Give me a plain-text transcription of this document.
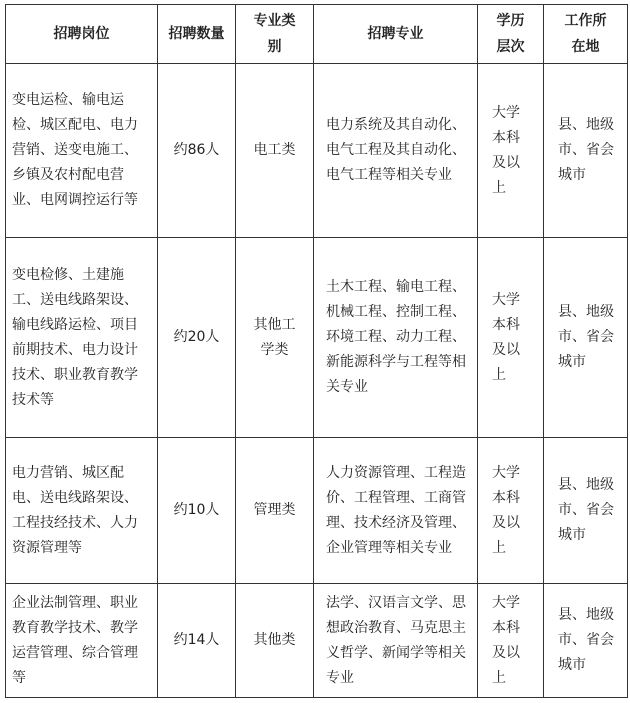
招聘岗位	招聘数量	专业类别	招聘专业	学历层次	工作所在地
变电运检、输电运检、城区配电、电力营销、送变电施工、乡镇及农村配电营业、电网调控运行等	约86人	电工类	电力系统及其自动化、电气工程及其自动化、电气工程等相关专业	大学本科及以上	县、地级市、省会城市
变电检修、土建施工、送电线路架设、输电线路运检、项目前期技术、电力设计技术、职业教育教学技术等	约20人	其他工学类	土木工程、输电工程、机械工程、控制工程、环境工程、动力工程、新能源科学与工程等相关专业	大学本科及以上	县、地级市、省会城市
电力营销、城区配电、送电线路架设、工程技经技术、人力资源管理等	约10人	管理类	人力资源管理、工程造价、工程管理、工商管理、技术经济及管理、企业管理等相关专业	大学本科及以上	县、地级市、省会城市
企业法制管理、职业教育教学技术、教学运营管理、综合管理等	约14人	其他类	法学、汉语言文学、思想政治教育、马克思主义哲学、新闻学等相关专业	大学本科及以上	县、地级市、省会城市
